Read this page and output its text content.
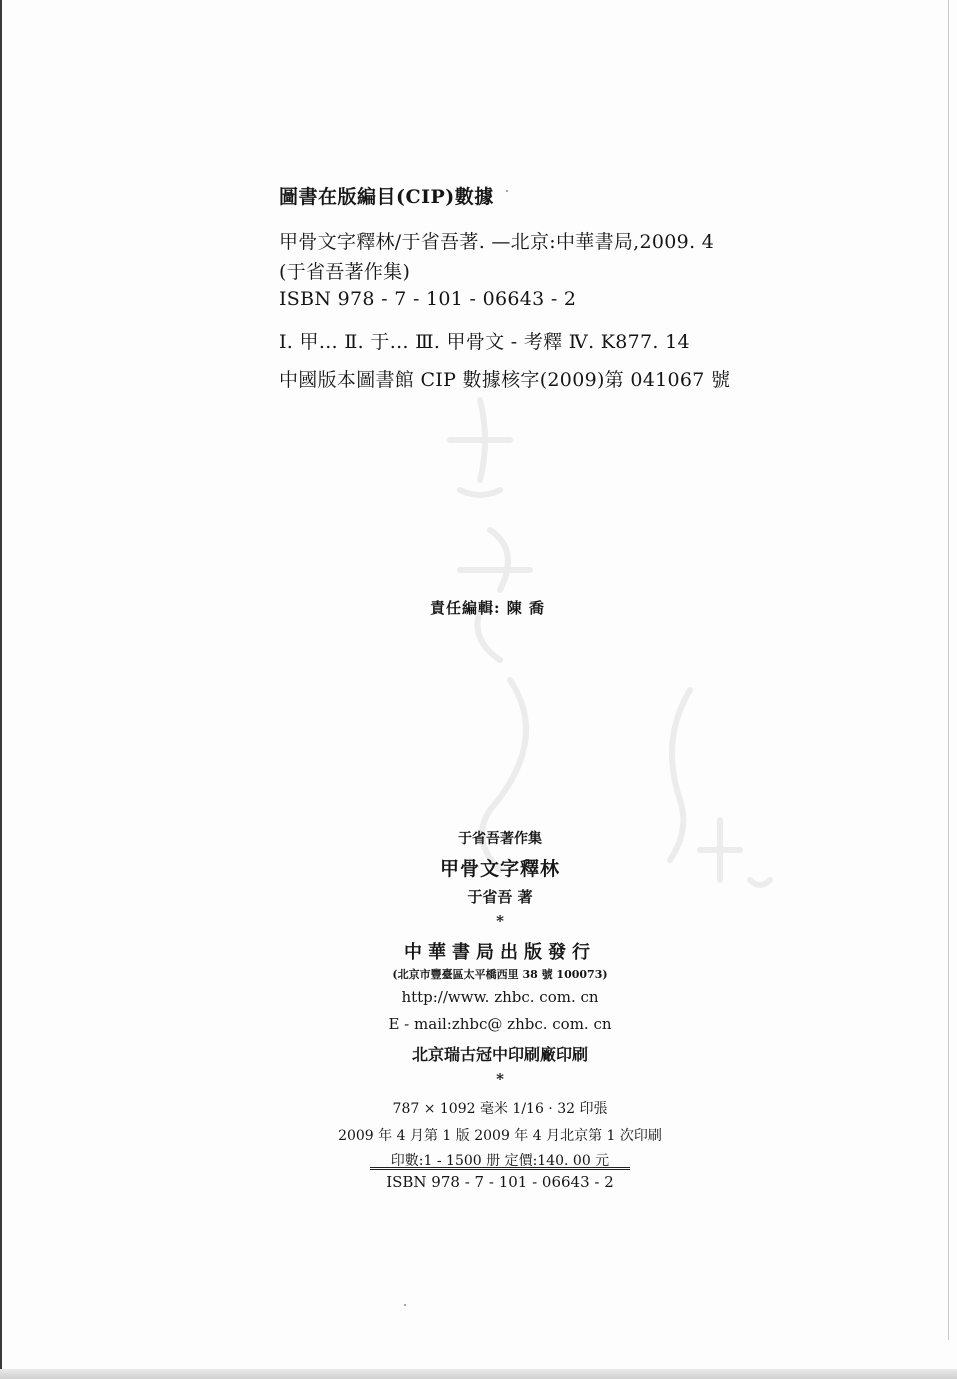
圖書在版編目(CIP)數據
甲骨文字釋林/于省吾著. —北京:中華書局,2009. 4
(于省吾著作集)
ISBN 978 - 7 - 101 - 06643 - 2
Ⅰ. 甲… Ⅱ. 于… Ⅲ. 甲骨文 - 考釋 Ⅳ. K877. 14
中國版本圖書館 CIP 數據核字(2009)第 041067 號
責任編輯: 陳 喬
于省吾著作集
甲骨文字釋林
于省吾 著
*
中華書局出版發行
(北京市豐臺區太平橋西里 38 號 100073)
http://www. zhbc. com. cn
E - mail:zhbc@ zhbc. com. cn
北京瑞古冠中印刷廠印刷
*
787 × 1092 毫米 1/16 · 32 印張
2009 年 4 月第 1 版 2009 年 4 月北京第 1 次印刷
印數:1 - 1500 册 定價:140. 00 元
ISBN 978 - 7 - 101 - 06643 - 2
